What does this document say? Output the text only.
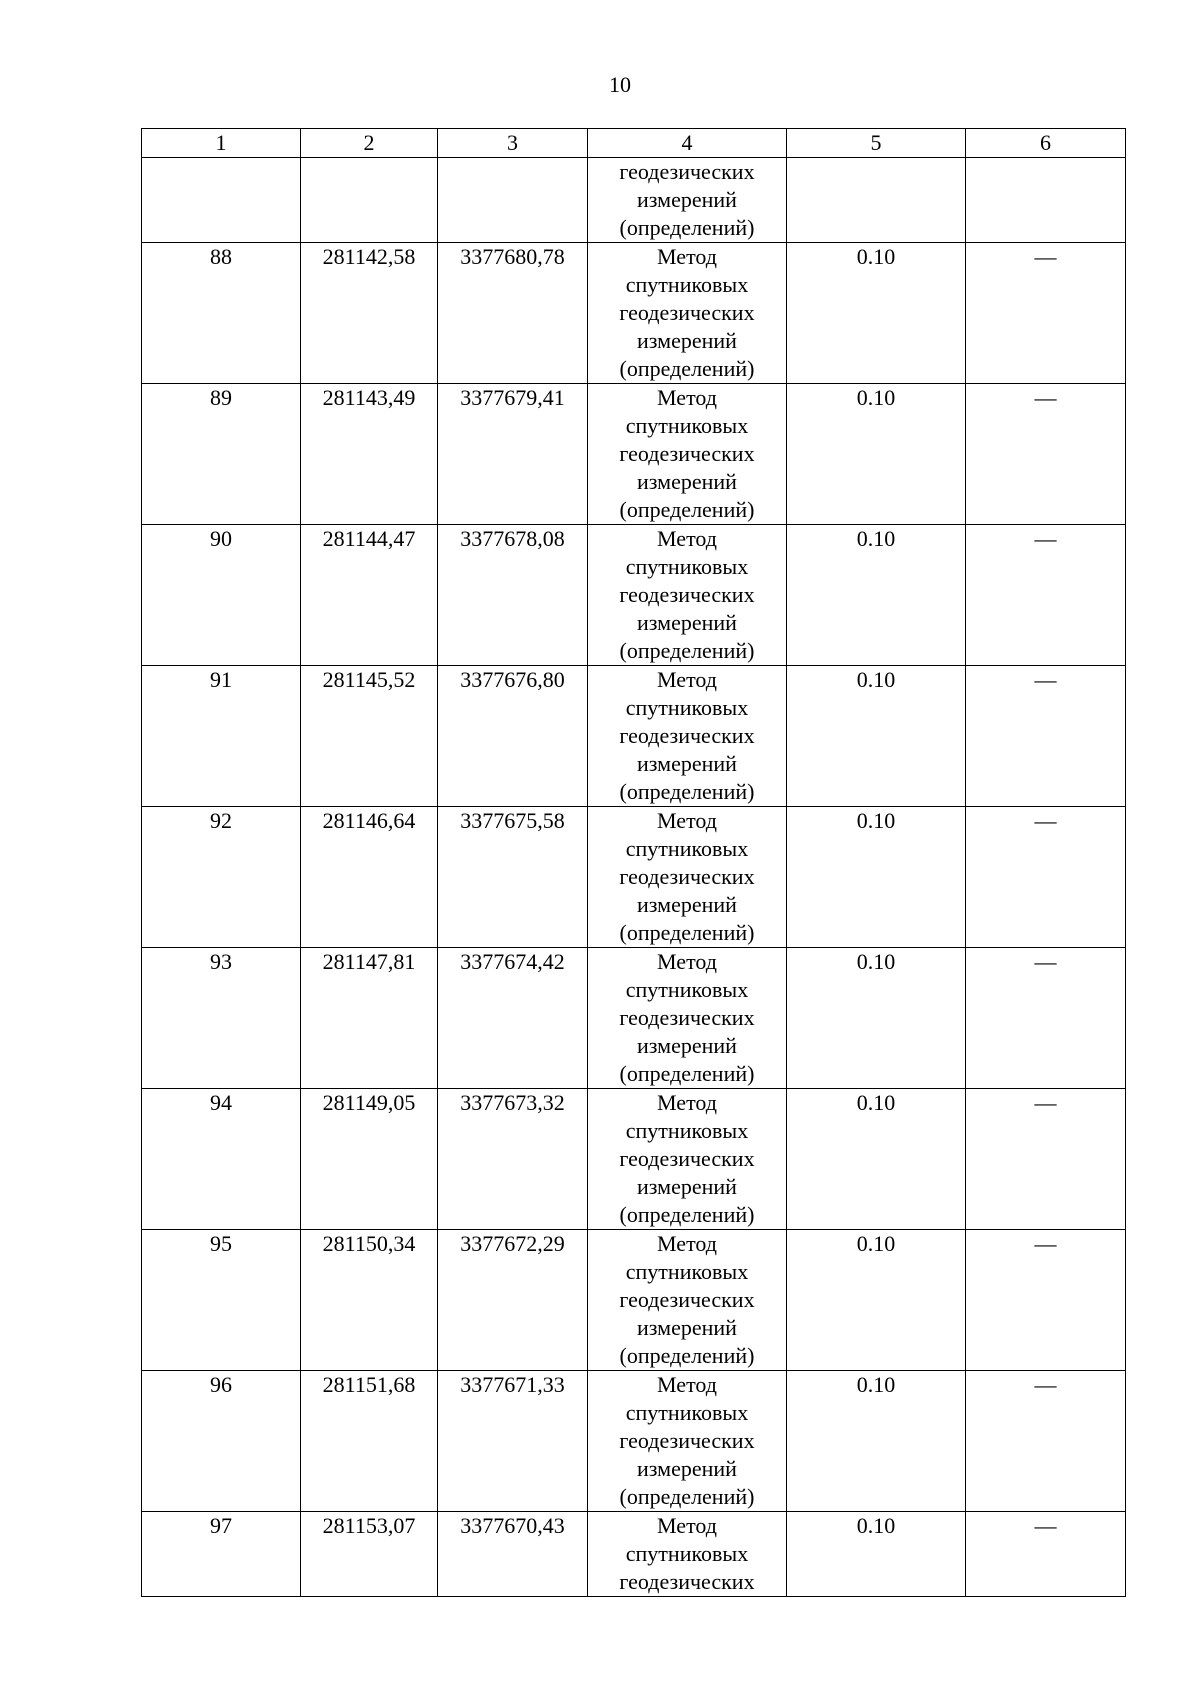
10
1	2	3	4	5	6

			геодезических
измерений
(определений)		

88	281142,58	3377680,78	Метод
спутниковых
геодезических
измерений
(определений)	0.10	—
89	281143,49	3377679,41	Метод
спутниковых
геодезических
измерений
(определений)	0.10	—
90	281144,47	3377678,08	Метод
спутниковых
геодезических
измерений
(определений)	0.10	—
91	281145,52	3377676,80	Метод
спутниковых
геодезических
измерений
(определений)	0.10	—
92	281146,64	3377675,58	Метод
спутниковых
геодезических
измерений
(определений)	0.10	—
93	281147,81	3377674,42	Метод
спутниковых
геодезических
измерений
(определений)	0.10	—
94	281149,05	3377673,32	Метод
спутниковых
геодезических
измерений
(определений)	0.10	—
95	281150,34	3377672,29	Метод
спутниковых
геодезических
измерений
(определений)	0.10	—
96	281151,68	3377671,33	Метод
спутниковых
геодезических
измерений
(определений)	0.10	—
97	281153,07	3377670,43	Метод
спутниковых
геодезических	0.10	—
